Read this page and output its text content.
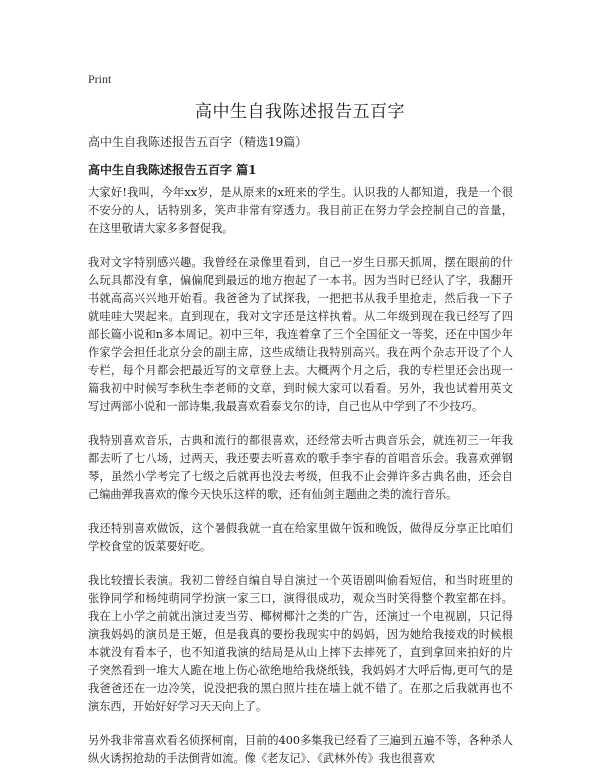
Print
高中生自我陈述报告五百字
高中生自我陈述报告五百字（精选19篇）
高中生自我陈述报告五百字 篇1

大家好!我叫，今年xx岁，是从原来的x班来的学生。认识我的人都知道，我是一个很不安分的人，话特别多，笑声非常有穿透力。我目前正在努力学会控制自己的音量，在这里敬请大家多多督促我。

我对文字特别感兴趣。我曾经在录像里看到，自己一岁生日那天抓周，摆在眼前的什么玩具都没有拿，偏偏爬到最远的地方抱起了一本书。因为当时已经认了字，我翻开书就高高兴兴地开始看。我爸爸为了试探我，一把把书从我手里抢走，然后我一下子就哇哇大哭起来。直到现在，我对文字还是这样执着。从二年级到现在我已经写了四部长篇小说和n多本周记。初中三年，我连着拿了三个全国征文一等奖，还在中国少年作家学会担任北京分会的副主席，这些成绩让我特别高兴。我在两个杂志开设了个人专栏，每个月都会把最近写的文章登上去。大概两个月之后，我的专栏里还会出现一篇我初中时候写李秋生李老师的文章，到时候大家可以看看。另外，我也试着用英文写过两部小说和一部诗集,我最喜欢看泰戈尔的诗，自己也从中学到了不少技巧。

我特别喜欢音乐，古典和流行的都很喜欢，还经常去听古典音乐会，就连初三一年我都去听了七八场，过两天，我还要去听喜欢的歌手李宇春的首唱音乐会。我喜欢弹钢琴，虽然小学考完了七级之后就再也没去考级，但我不止会弹许多古典名曲，还会自己编曲弹我喜欢的像今天快乐这样的歌，还有仙剑主题曲之类的流行音乐。

我还特别喜欢做饭，这个暑假我就一直在给家里做午饭和晚饭，做得反分享正比咱们学校食堂的饭菜要好吃。

我比较擅长表演。我初二曾经自编自导自演过一个英语剧叫偷看短信，和当时班里的张铮同学和杨纯萌同学扮演一家三口，演得很成功，观众当时笑得整个教室都在抖。我在上小学之前就出演过麦当劳、椰树椰汁之类的广告，还演过一个电视剧，只记得演我妈妈的演员是王姬，但是我真的要扮我现实中的妈妈，因为她给我接戏的时候根本就没有看本子，也不知道我演的结局是从山上摔下去摔死了，直到拿回来拍好的片子突然看到一堆大人跪在地上伤心欲绝地给我烧纸钱，我妈妈才大呼后悔,更可气的是我爸爸还在一边冷笑，说没把我的黑白照片挂在墙上就不错了。在那之后我就再也不演东西，开始好好学习天天向上了。

另外我非常喜欢看名侦探柯南，目前的400多集我已经看了三遍到五遍不等，各种杀人纵火诱拐抢劫的手法倒背如流。像《老友记》、《武林外传》我也很喜欢
